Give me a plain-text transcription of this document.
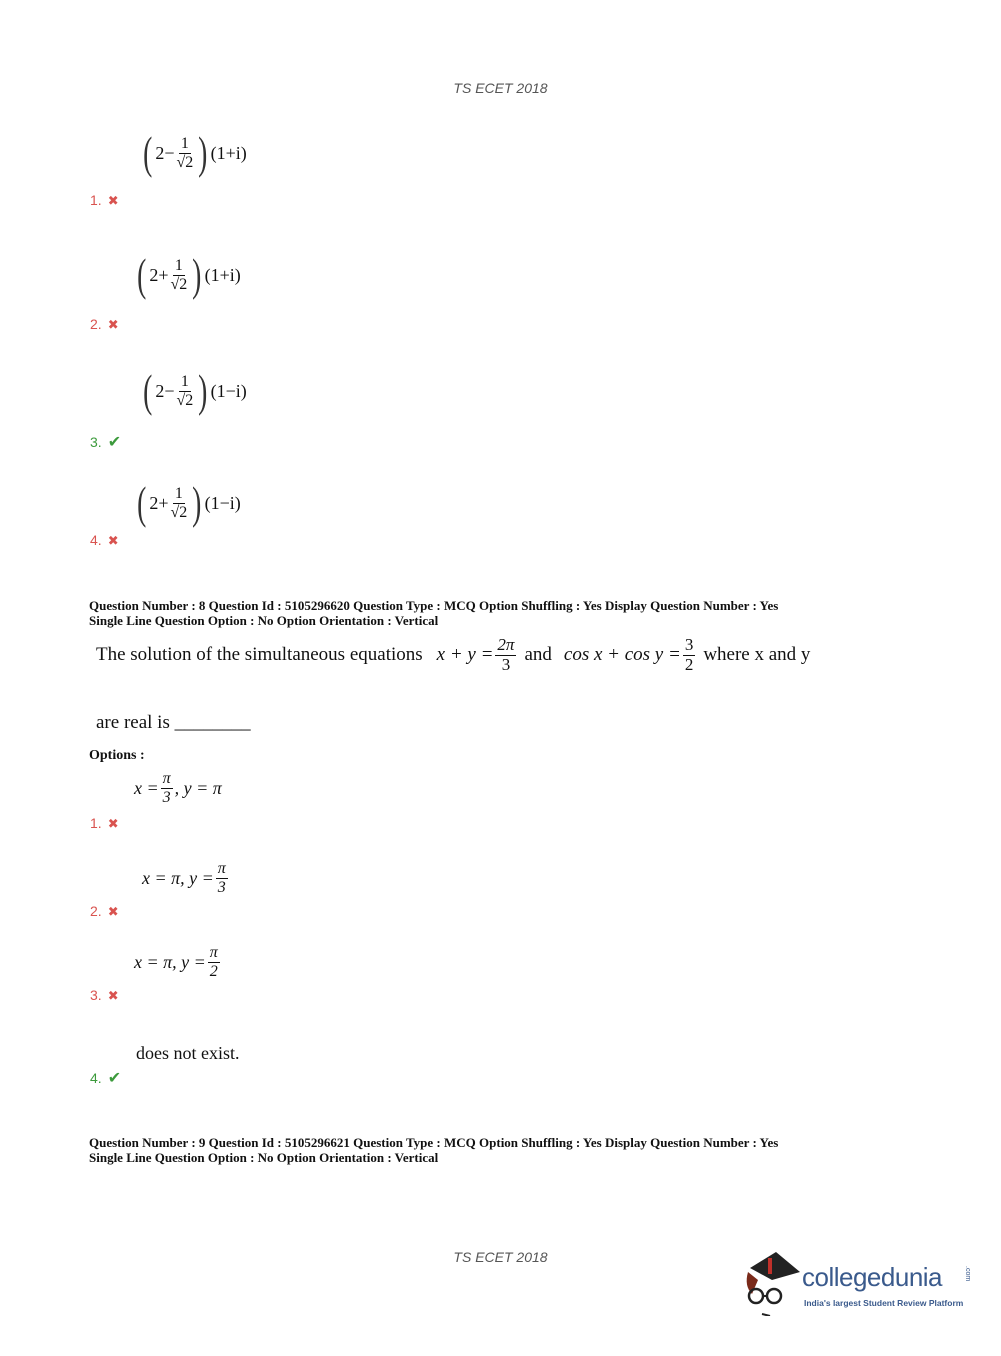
TS ECET 2018
( $2 - \frac{1}{√2}$ ) (1+i)
1. ✖
( $2 + \frac{1}{√2}$ ) (1+i)
2. ✖
( $2 - \frac{1}{√2}$ ) (1−i)
3. ✔
( $2 + \frac{1}{√2}$ ) (1−i)
4. ✖
Question Number : 8 Question Id : 5105296620 Question Type : MCQ Option Shuffling : Yes Display Question Number : Yes
Single Line Question Option : No Option Orientation : Vertical
The solution of the simultaneous equations $x + y = \frac{2\pi}{3}$ and $\cos x + \cos y = \frac{3}{2}$ where x and y
are real is ________
Options :
$x = \frac{\pi}{3}$ , y = π
1. ✖
x = π, $y = \frac{\pi}{3}$
2. ✖
x = π, $y = \frac{\pi}{2}$
3. ✖
does not exist.
4. ✔
Question Number : 9 Question Id : 5105296621 Question Type : MCQ Option Shuffling : Yes Display Question Number : Yes
Single Line Question Option : No Option Orientation : Vertical
TS ECET 2018
collegedunia	.com
India's largest Student Review Platform
